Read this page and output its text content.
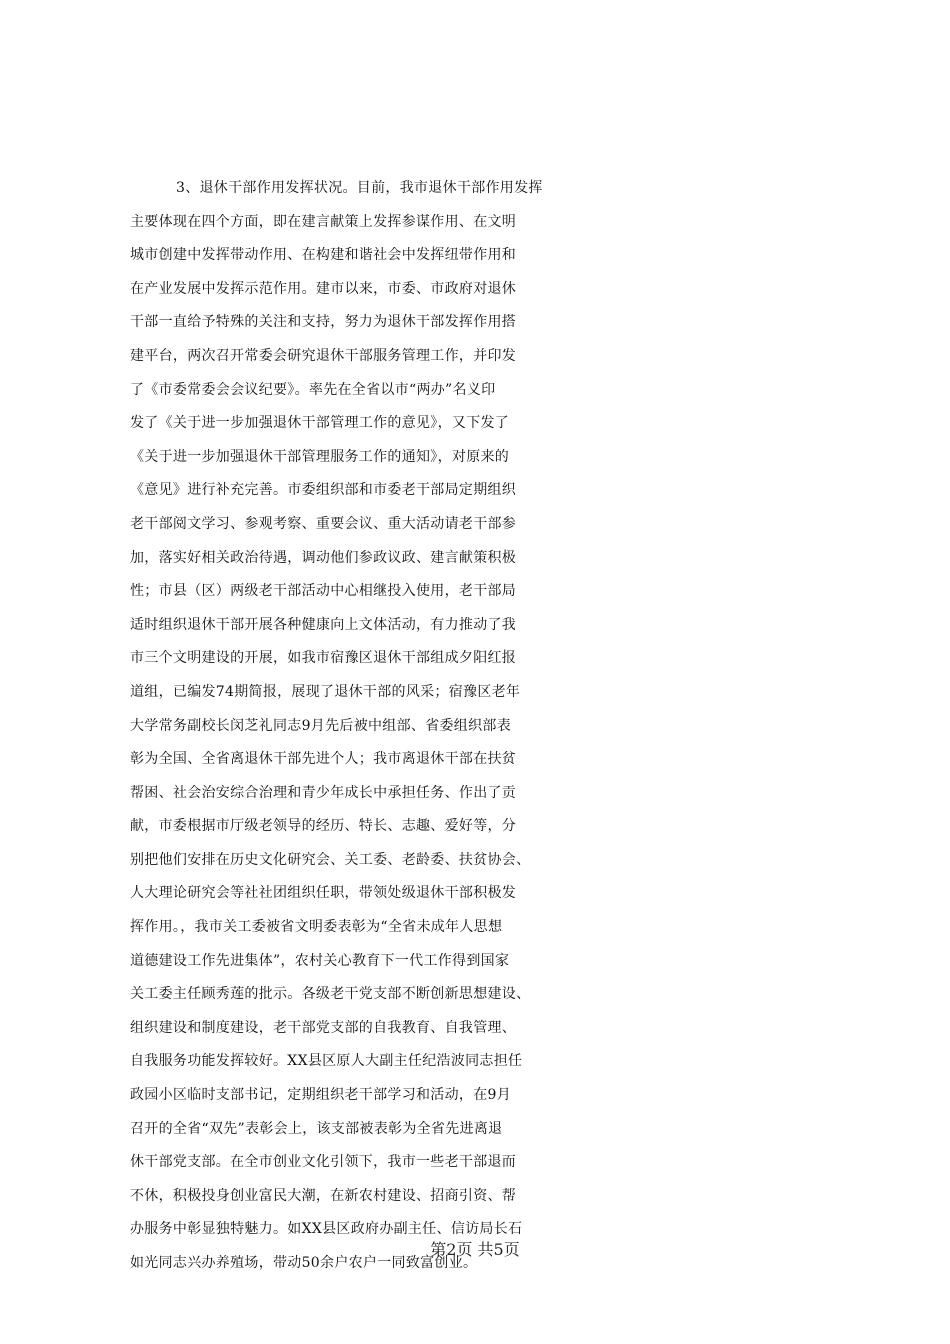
3、退休干部作用发挥状况。目前，我市退休干部作用发挥
主要体现在四个方面，即在建言献策上发挥参谋作用、在文明
城市创建中发挥带动作用、在构建和谐社会中发挥纽带作用和
在产业发展中发挥示范作用。建市以来，市委、市政府对退休
干部一直给予特殊的关注和支持，努力为退休干部发挥作用搭
建平台，两次召开常委会研究退休干部服务管理工作，并印发
了《市委常委会会议纪要》。率先在全省以市“两办”名义印
发了《关于进一步加强退休干部管理工作的意见》，又下发了
《关于进一步加强退休干部管理服务工作的通知》，对原来的
《意见》进行补充完善。市委组织部和市委老干部局定期组织
老干部阅文学习、参观考察、重要会议、重大活动请老干部参
加，落实好相关政治待遇，调动他们参政议政、建言献策积极
性；市县（区）两级老干部活动中心相继投入使用，老干部局
适时组织退休干部开展各种健康向上文体活动，有力推动了我
市三个文明建设的开展，如我市宿豫区退休干部组成夕阳红报
道组，已编发74期简报，展现了退休干部的风采；宿豫区老年
大学常务副校长闵芝礼同志9月先后被中组部、省委组织部表
彰为全国、全省离退休干部先进个人；我市离退休干部在扶贫
帮困、社会治安综合治理和青少年成长中承担任务、作出了贡
献，市委根据市厅级老领导的经历、特长、志趣、爱好等，分
别把他们安排在历史文化研究会、关工委、老龄委、扶贫协会、
人大理论研究会等社社团组织任职，带领处级退休干部积极发
挥作用。，我市关工委被省文明委表彰为“全省未成年人思想
道德建设工作先进集体”，农村关心教育下一代工作得到国家
关工委主任顾秀莲的批示。各级老干党支部不断创新思想建设、
组织建设和制度建设，老干部党支部的自我教育、自我管理、
自我服务功能发挥较好。XX县区原人大副主任纪浩波同志担任
政园小区临时支部书记，定期组织老干部学习和活动，在9月
召开的全省“双先”表彰会上，该支部被表彰为全省先进离退
休干部党支部。在全市创业文化引领下，我市一些老干部退而
不休，积极投身创业富民大潮，在新农村建设、招商引资、帮
办服务中彰显独特魅力。如XX县区政府办副主任、信访局长石
如光同志兴办养殖场，带动50余户农户一同致富创业。
第2页 共5页
